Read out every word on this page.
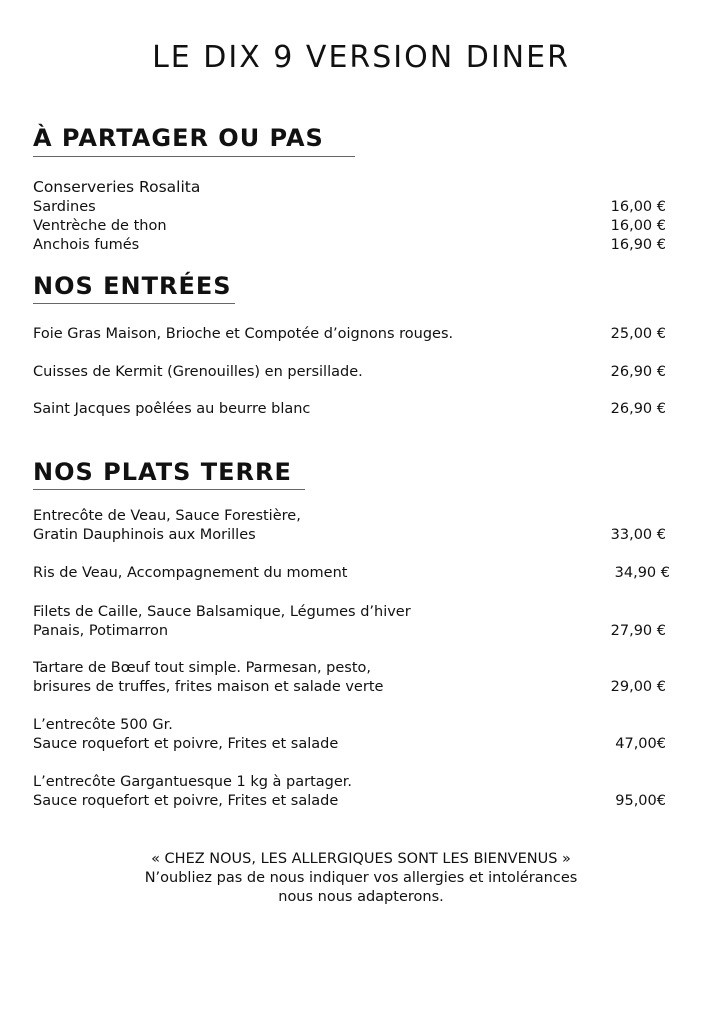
LE DIX 9 VERSION DINER
À PARTAGER OU PAS
Conserveries Rosalita
Sardines	16,00 €
Ventrèche de thon	16,00 €
Anchois fumés	16,90 €
NOS ENTRÉES
Foie Gras Maison, Brioche et Compotée d’oignons rouges.	25,00 €
Cuisses de Kermit (Grenouilles) en persillade.	26,90 €
Saint Jacques poêlées au beurre blanc	26,90 €
NOS PLATS TERRE
Entrecôte de Veau, Sauce Forestière,
Gratin Dauphinois aux Morilles	33,00 €
Ris de Veau, Accompagnement du moment	34,90 €
Filets de Caille, Sauce Balsamique, Légumes d’hiver
Panais, Potimarron	27,90 €
Tartare de Bœuf tout simple. Parmesan, pesto,
brisures de truffes, frites maison et salade verte	29,00 €
L’entrecôte 500 Gr.
Sauce roquefort et poivre, Frites et salade	47,00€
L’entrecôte Gargantuesque 1 kg à partager.
Sauce roquefort et poivre, Frites et salade	95,00€
« CHEZ NOUS, LES ALLERGIQUES SONT LES BIENVENUS »
N’oubliez pas de nous indiquer vos allergies et intolérances
nous nous adapterons.
